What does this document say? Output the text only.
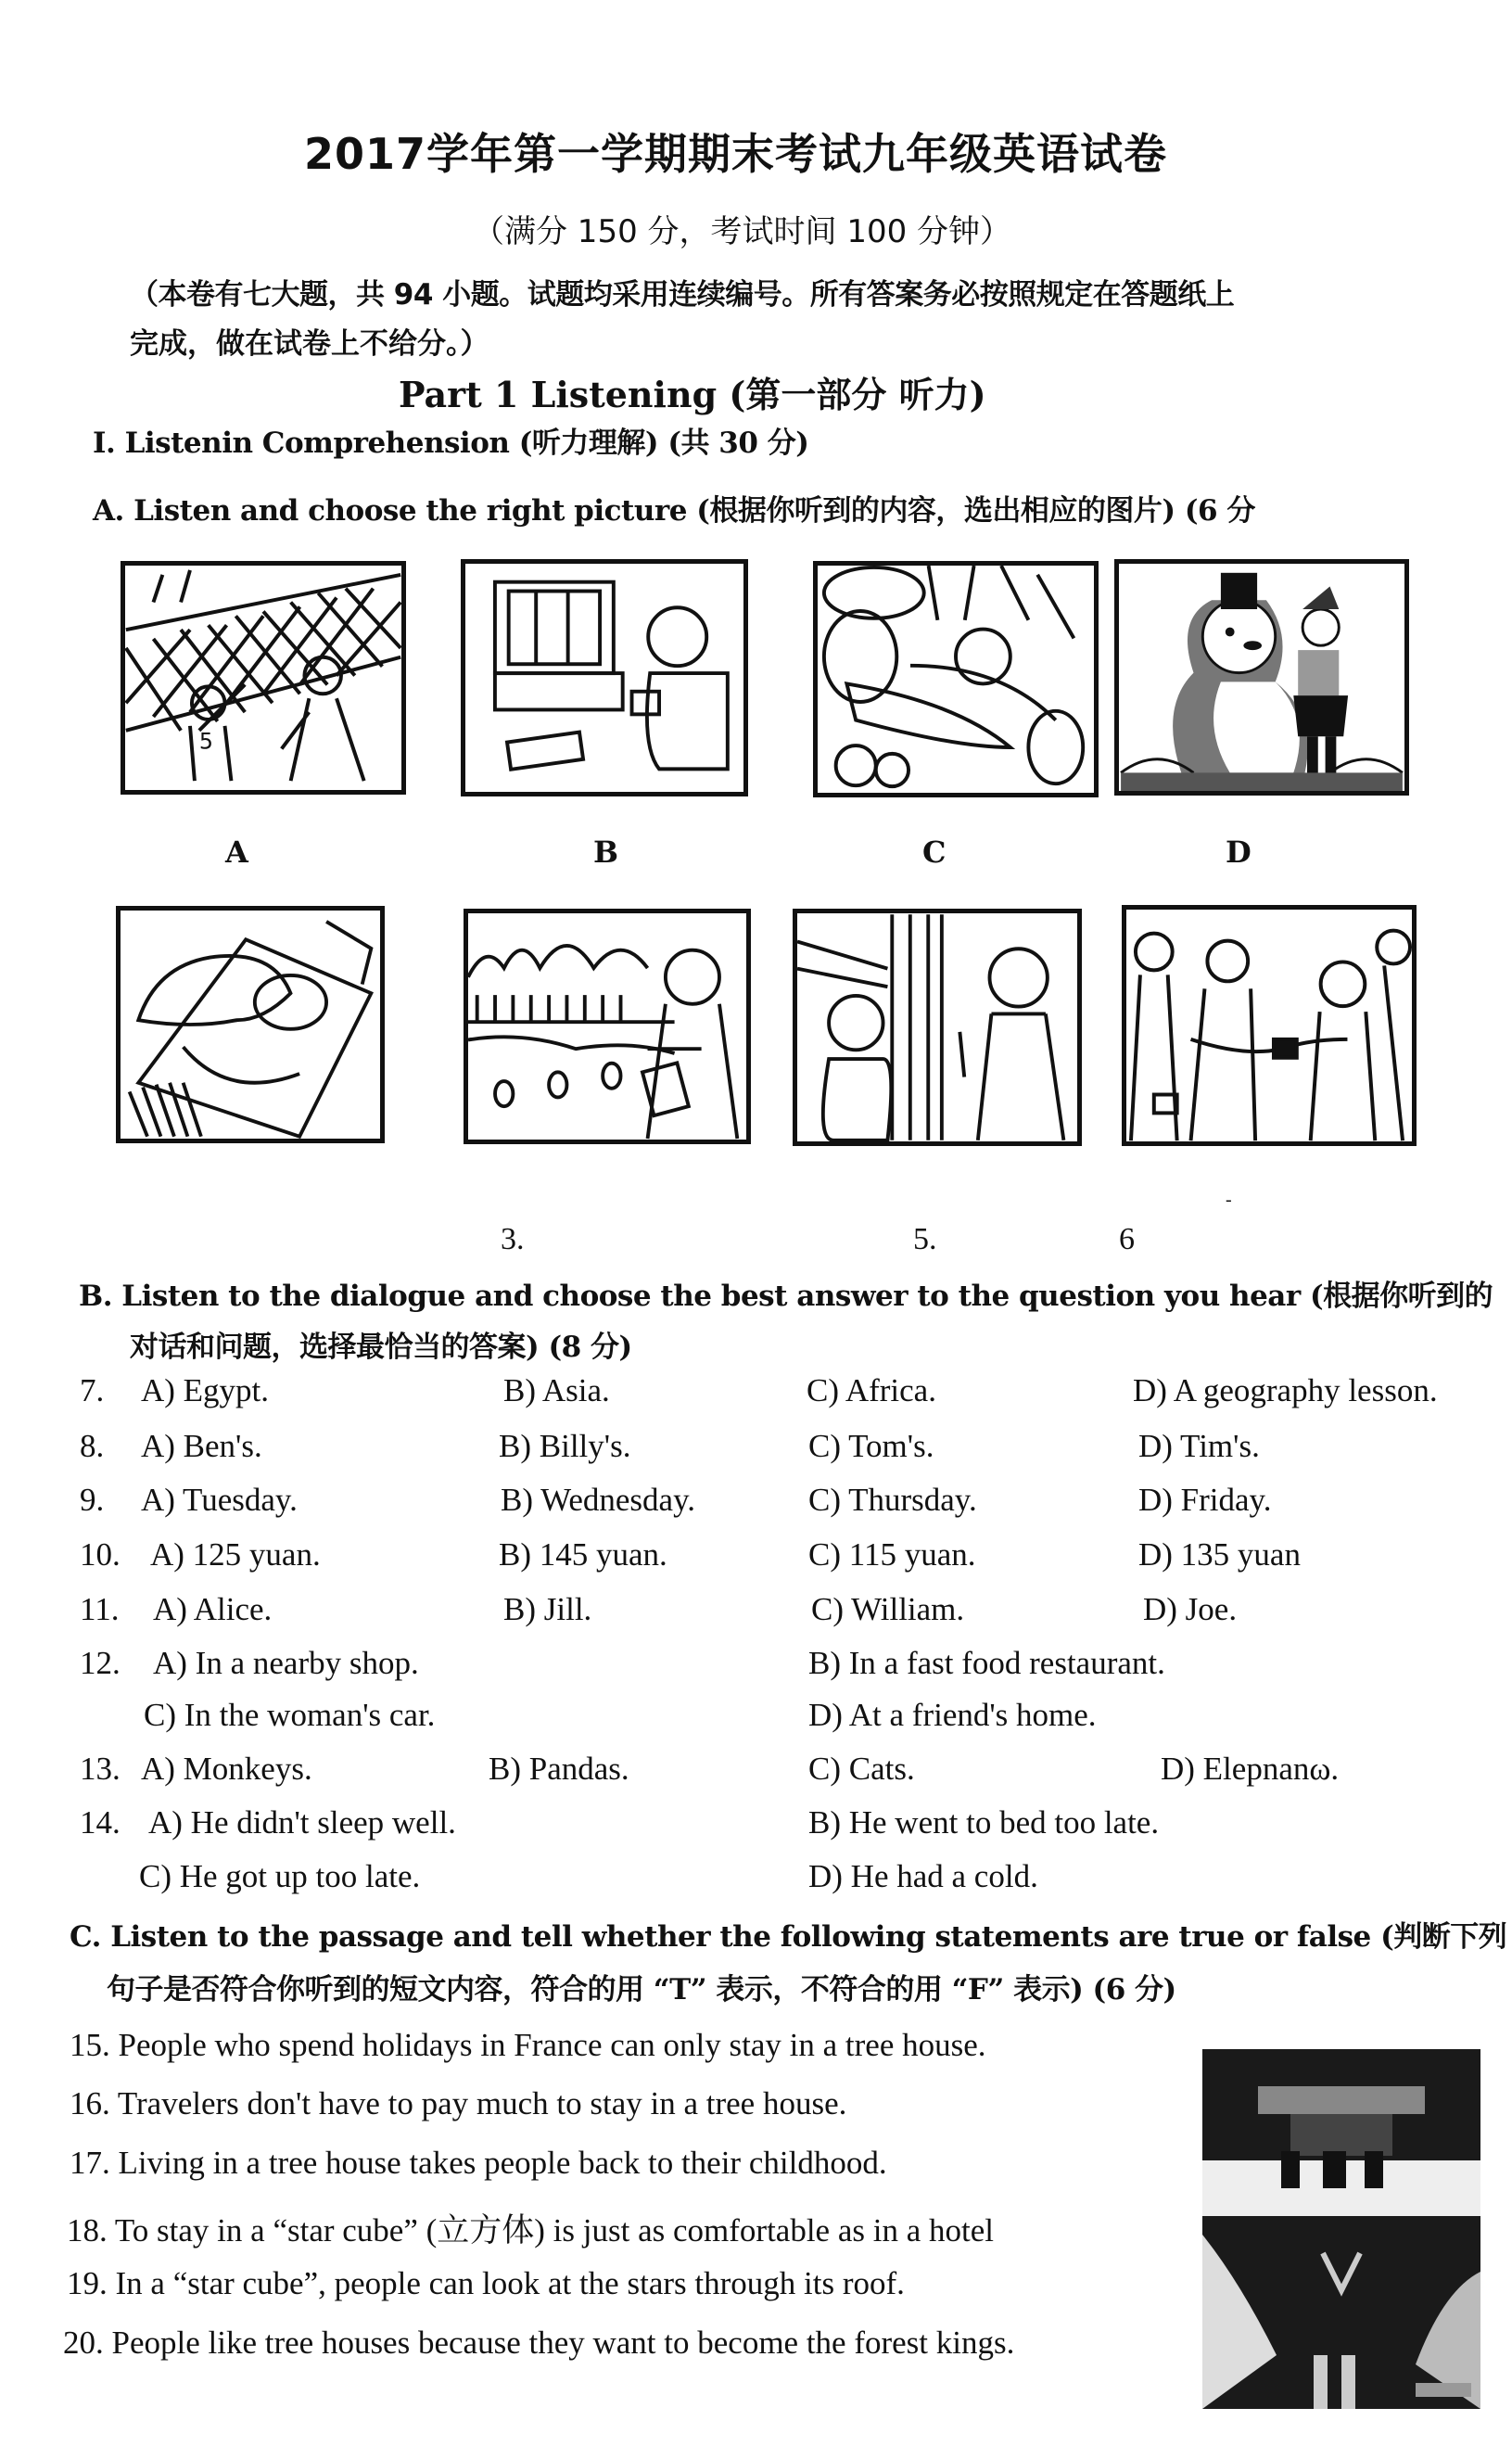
2017学年第一学期期末考试九年级英语试卷
（满分 150 分，考试时间 100 分钟）
（本卷有七大题，共 94 小题。试题均采用连续编号。所有答案务必按照规定在答题纸上
完成，做在试卷上不给分。）
Part 1 Listening (第一部分 听力)
I. Listenin Comprehension (听力理解) (共 30 分)
A. Listen and choose the right picture (根据你听到的内容，选出相应的图片) (6 分
5
A	B	C	D
-
3.	5.	6
B. Listen to the dialogue and choose the best answer to the question you hear (根据你听到的
对话和问题，选择最恰当的答案) (8 分)
7. A) Egypt.	B) Asia.	C) Africa.	D) A geography lesson.
8. A) Ben's.	B) Billy's.	C) Tom's.	D) Tim's.
9. A) Tuesday.	B) Wednesday.	C) Thursday.	D) Friday.
10. A) 125 yuan.	B) 145 yuan.	C) 115 yuan.	D) 135 yuan
11. A) Alice.	B) Jill.	C) William.	D) Joe.
12. A) In a nearby shop.	B) In a fast food restaurant.
C) In the woman's car.	D) At a friend's home.
13. A) Monkeys.	B) Pandas.	C) Cats.	D) Elepnanω.
14. A) He didn't sleep well.	B) He went to bed too late.
C) He got up too late.	D) He had a cold.
C. Listen to the passage and tell whether the following statements are true or false (判断下列
句子是否符合你听到的短文内容，符合的用 “T” 表示，不符合的用 “F” 表示) (6 分)
15. People who spend holidays in France can only stay in a tree house.
16. Travelers don't have to pay much to stay in a tree house.
17. Living in a tree house takes people back to their childhood.
18. To stay in a “star cube” (立方体) is just as comfortable as in a hotel
19. In a “star cube”, people can look at the stars through its roof.
20. People like tree houses because they want to become the forest kings.
